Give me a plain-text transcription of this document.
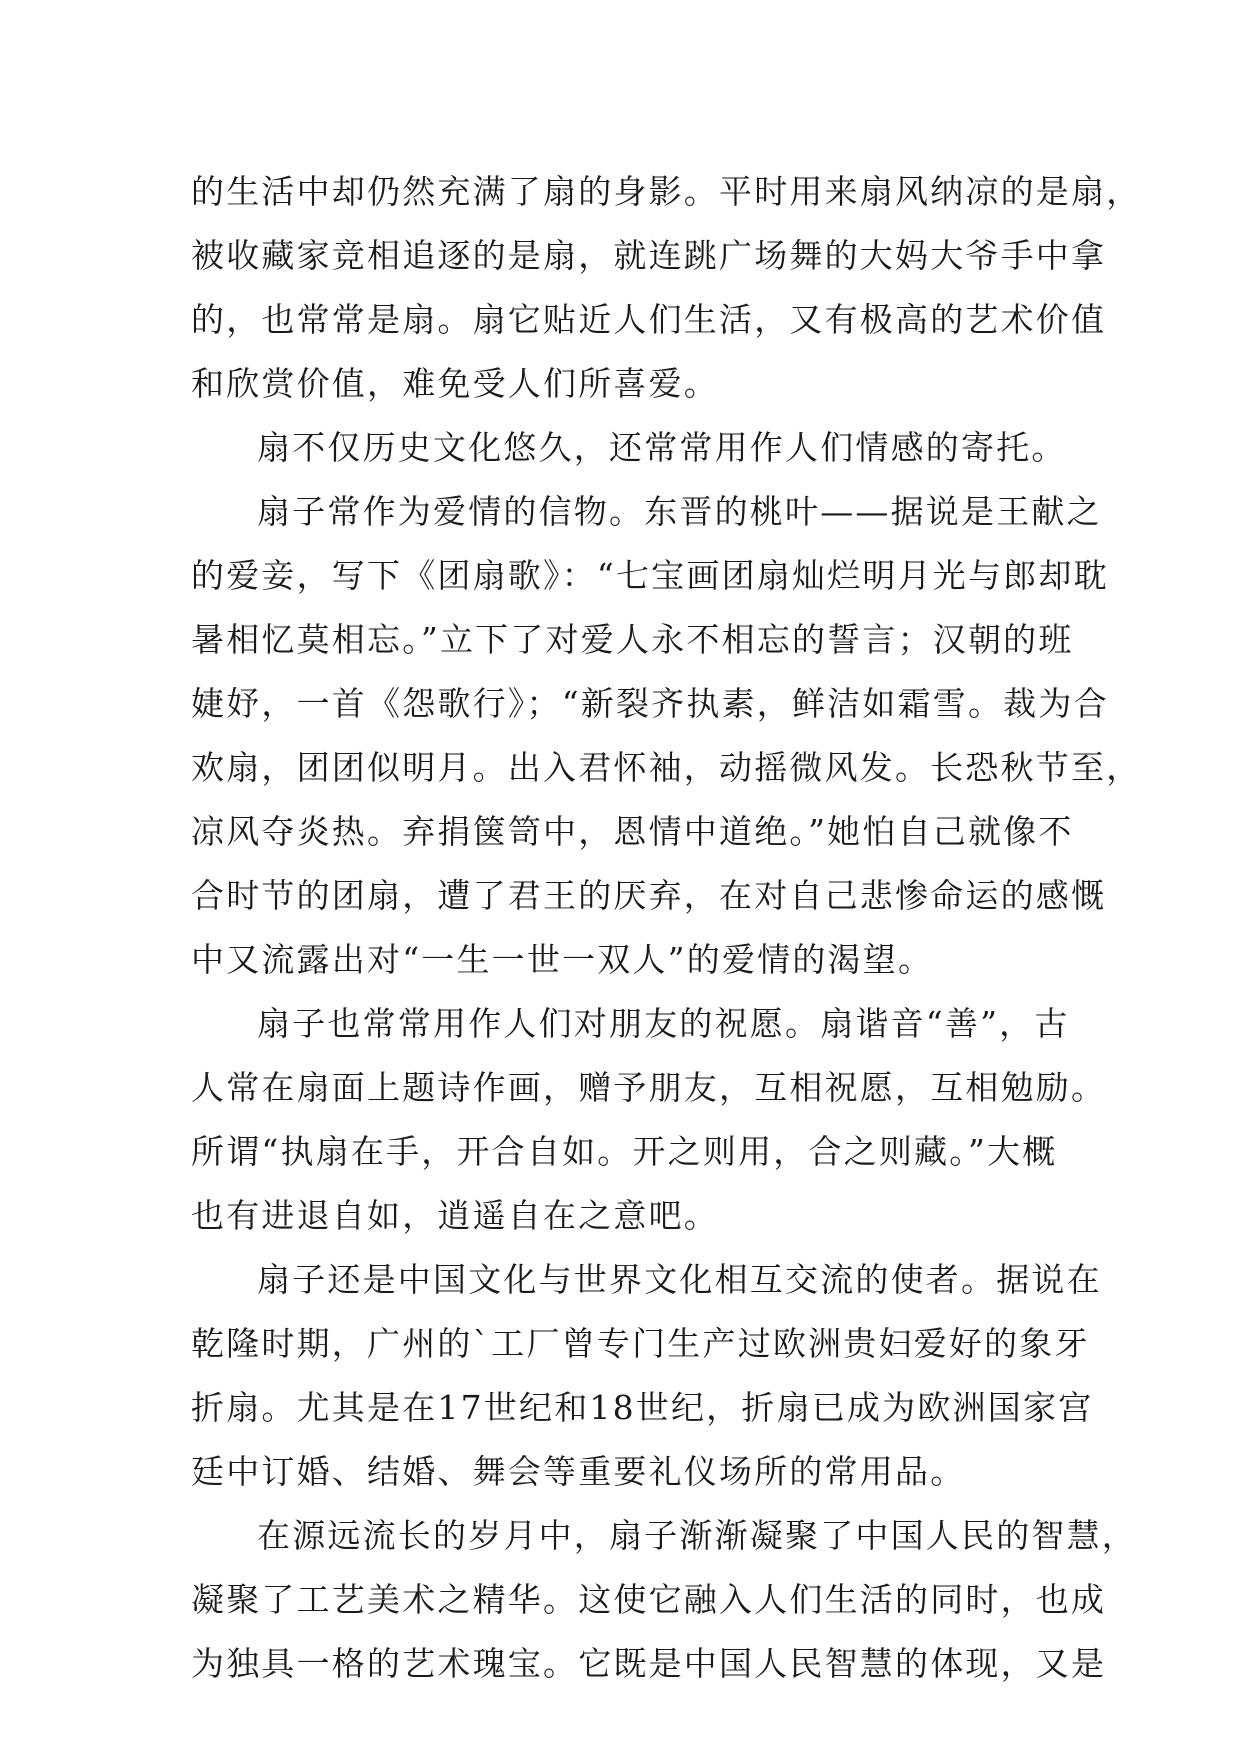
的生活中却仍然充满了扇的身影。平时用来扇风纳凉的是扇，
被收藏家竞相追逐的是扇，就连跳广场舞的大妈大爷手中拿
的，也常常是扇。扇它贴近人们生活，又有极高的艺术价值
和欣赏价值，难免受人们所喜爱。
扇不仅历史文化悠久，还常常用作人们情感的寄托。
扇子常作为爱情的信物。东晋的桃叶——据说是王献之
的爱妾，写下《团扇歌》：“七宝画团扇灿烂明月光与郎却耽
暑相忆莫相忘。”立下了对爱人永不相忘的誓言；汉朝的班
婕妤，一首《怨歌行》；“新裂齐执素，鲜洁如霜雪。裁为合
欢扇，团团似明月。出入君怀袖，动摇微风发。长恐秋节至，
凉风夺炎热。弃捐箧笥中，恩情中道绝。”她怕自己就像不
合时节的团扇，遭了君王的厌弃，在对自己悲惨命运的感慨
中又流露出对“一生一世一双人”的爱情的渴望。
扇子也常常用作人们对朋友的祝愿。扇谐音“善”，古
人常在扇面上题诗作画，赠予朋友，互相祝愿，互相勉励。
所谓“执扇在手，开合自如。开之则用，合之则藏。”大概
也有进退自如，逍遥自在之意吧。
扇子还是中国文化与世界文化相互交流的使者。据说在
乾隆时期，广州的`工厂曾专门生产过欧洲贵妇爱好的象牙
折扇。尤其是在17世纪和18世纪，折扇已成为欧洲国家宫
廷中订婚、结婚、舞会等重要礼仪场所的常用品。
在源远流长的岁月中，扇子渐渐凝聚了中国人民的智慧，
凝聚了工艺美术之精华。这使它融入人们生活的同时，也成
为独具一格的艺术瑰宝。它既是中国人民智慧的体现，又是
